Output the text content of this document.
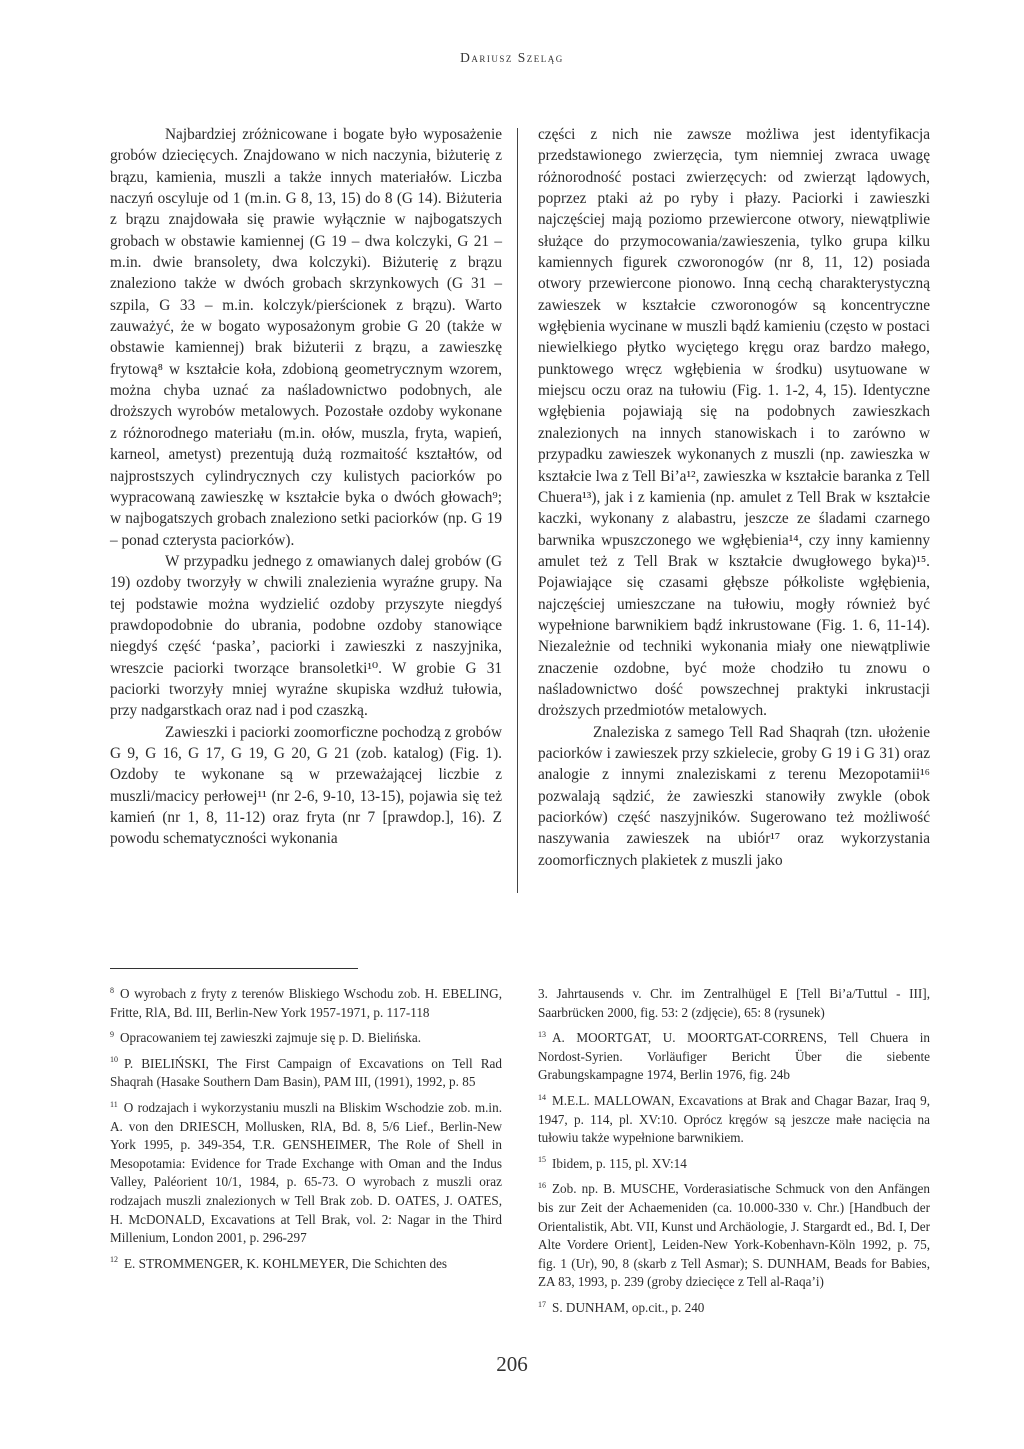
Dariusz Szeląg

Najbardziej zróżnicowane i bogate było wyposażenie grobów dziecięcych. Znajdowano w nich naczynia, biżuterię z brązu, kamienia, muszli a także innych materiałów. Liczba naczyń oscyluje od 1 (m.in. G 8, 13, 15) do 8 (G 14). Biżuteria z brązu znajdowała się prawie wyłącznie w najbogatszych grobach w obstawie kamiennej (G 19 – dwa kolczyki, G 21 – m.in. dwie bransolety, dwa kolczyki). Biżuterię z brązu znaleziono także w dwóch grobach skrzynkowych (G 31 – szpila, G 33 – m.in. kolczyk/pierścionek z brązu). Warto zauważyć, że w bogato wyposażonym grobie G 20 (także w obstawie kamiennej) brak biżuterii z brązu, a zawieszkę frytową⁸ w kształcie koła, zdobioną geometrycznym wzorem, można chyba uznać za naśladownictwo podobnych, ale droższych wyrobów metalowych. Pozostałe ozdoby wykonane z różnorodnego materiału (m.in. ołów, muszla, fryta, wapień, karneol, ametyst) prezentują dużą rozmaitość kształtów, od najprostszych cylindrycznych czy kulistych paciorków po wypracowaną zawieszkę w kształcie byka o dwóch głowach⁹; w najbogatszych grobach znaleziono setki paciorków (np. G 19 – ponad czterysta paciorków).

W przypadku jednego z omawianych dalej grobów (G 19) ozdoby tworzyły w chwili znalezienia wyraźne grupy. Na tej podstawie można wydzielić ozdoby przyszyte niegdyś prawdopodobnie do ubrania, podobne ozdoby stanowiące niegdyś część ‘paska’, paciorki i zawieszki z naszyjnika, wreszcie paciorki tworzące bransoletki¹⁰. W grobie G 31 paciorki tworzyły mniej wyraźne skupiska wzdłuż tułowia, przy nadgarstkach oraz nad i pod czaszką.

Zawieszki i paciorki zoomorficzne pochodzą z grobów G 9, G 16, G 17, G 19, G 20, G 21 (zob. katalog) (Fig. 1). Ozdoby te wykonane są w przeważającej liczbie z muszli/macicy perłowej¹¹ (nr 2-6, 9-10, 13-15), pojawia się też kamień (nr 1, 8, 11-12) oraz fryta (nr 7 [prawdop.], 16). Z powodu schematyczności wykonania

części z nich nie zawsze możliwa jest identyfikacja przedstawionego zwierzęcia, tym niemniej zwraca uwagę różnorodność postaci zwierzęcych: od zwierząt lądowych, poprzez ptaki aż po ryby i płazy. Paciorki i zawieszki najczęściej mają poziomo przewiercone otwory, niewątpliwie służące do przymocowania/zawieszenia, tylko grupa kilku kamiennych figurek czworonogów (nr 8, 11, 12) posiada otwory przewiercone pionowo. Inną cechą charakterystyczną zawieszek w kształcie czworonogów są koncentryczne wgłębienia wycinane w muszli bądź kamieniu (często w postaci niewielkiego płytko wyciętego kręgu oraz bardzo małego, punktowego wręcz wgłębienia w środku) usytuowane w miejscu oczu oraz na tułowiu (Fig. 1. 1-2, 4, 15). Identyczne wgłębienia pojawiają się na podobnych zawieszkach znalezionych na innych stanowiskach i to zarówno w przypadku zawieszek wykonanych z muszli (np. zawieszka w kształcie lwa z Tell Bi’a¹², zawieszka w kształcie baranka z Tell Chuera¹³), jak i z kamienia (np. amulet z Tell Brak w kształcie kaczki, wykonany z alabastru, jeszcze ze śladami czarnego barwnika wpuszczonego we wgłębienia¹⁴, czy inny kamienny amulet też z Tell Brak w kształcie dwugłowego byka)¹⁵. Pojawiające się czasami głębsze półkoliste wgłębienia, najczęściej umieszczane na tułowiu, mogły również być wypełnione barwnikiem bądź inkrustowane (Fig. 1. 6, 11-14). Niezależnie od techniki wykonania miały one niewątpliwie znaczenie ozdobne, być może chodziło tu znowu o naśladownictwo dość powszechnej praktyki inkrustacji droższych przedmiotów metalowych.

Znaleziska z samego Tell Rad Shaqrah (tzn. ułożenie paciorków i zawieszek przy szkielecie, groby G 19 i G 31) oraz analogie z innymi znaleziskami z terenu Mezopotamii¹⁶ pozwalają sądzić, że zawieszki stanowiły zwykle (obok paciorków) część naszyjników. Sugerowano też możliwość naszywania zawieszek na ubiór¹⁷ oraz wykorzystania zoomorficznych plakietek z muszli jako

$^8$ O wyrobach z fryty z terenów Bliskiego Wschodu zob. H. EBELING, Fritte, RlA, Bd. III, Berlin-New York 1957-1971, p. 117-118

$^9$ Opracowaniem tej zawieszki zajmuje się p. D. Bielińska.

$^{10}$ P. BIELIŃSKI, The First Campaign of Excavations on Tell Rad Shaqrah (Hasake Southern Dam Basin), PAM III, (1991), 1992, p. 85

$^{11}$ O rodzajach i wykorzystaniu muszli na Bliskim Wschodzie zob. m.in. A. von den DRIESCH, Mollusken, RlA, Bd. 8, 5/6 Lief., Berlin-New York 1995, p. 349-354, T.R. GENSHEIMER, The Role of Shell in Mesopotamia: Evidence for Trade Exchange with Oman and the Indus Valley, Paléorient 10/1, 1984, p. 65-73. O wyrobach z muszli oraz rodzajach muszli znalezionych w Tell Brak zob. D. OATES, J. OATES, H. McDONALD, Excavations at Tell Brak, vol. 2: Nagar in the Third Millenium, London 2001, p. 296-297

$^{12}$ E. STROMMENGER, K. KOHLMEYER, Die Schichten des

3. Jahrtausends v. Chr. im Zentralhügel E [Tell Bi’a/Tuttul - III], Saarbrücken 2000, fig. 53: 2 (zdjęcie), 65: 8 (rysunek)

$^{13}$ A. MOORTGAT, U. MOORTGAT-CORRENS, Tell Chuera in Nordost-Syrien. Vorläufiger Bericht Über die siebente Grabungskampagne 1974, Berlin 1976, fig. 24b

$^{14}$ M.E.L. MALLOWAN, Excavations at Brak and Chagar Bazar, Iraq 9, 1947, p. 114, pl. XV:10. Oprócz kręgów są jeszcze małe nacięcia na tułowiu także wypełnione barwnikiem.

$^{15}$ Ibidem, p. 115, pl. XV:14

$^{16}$ Zob. np. B. MUSCHE, Vorderasiatische Schmuck von den Anfängen bis zur Zeit der Achaemeniden (ca. 10.000-330 v. Chr.) [Handbuch der Orientalistik, Abt. VII, Kunst und Archäologie, J. Stargardt ed., Bd. I, Der Alte Vordere Orient], Leiden-New York-Kobenhavn-Köln 1992, p. 75, fig. 1 (Ur), 90, 8 (skarb z Tell Asmar); S. DUNHAM, Beads for Babies, ZA 83, 1993, p. 239 (groby dziecięce z Tell al-Raqa’i)

$^{17}$ S. DUNHAM, op.cit., p. 240

206
